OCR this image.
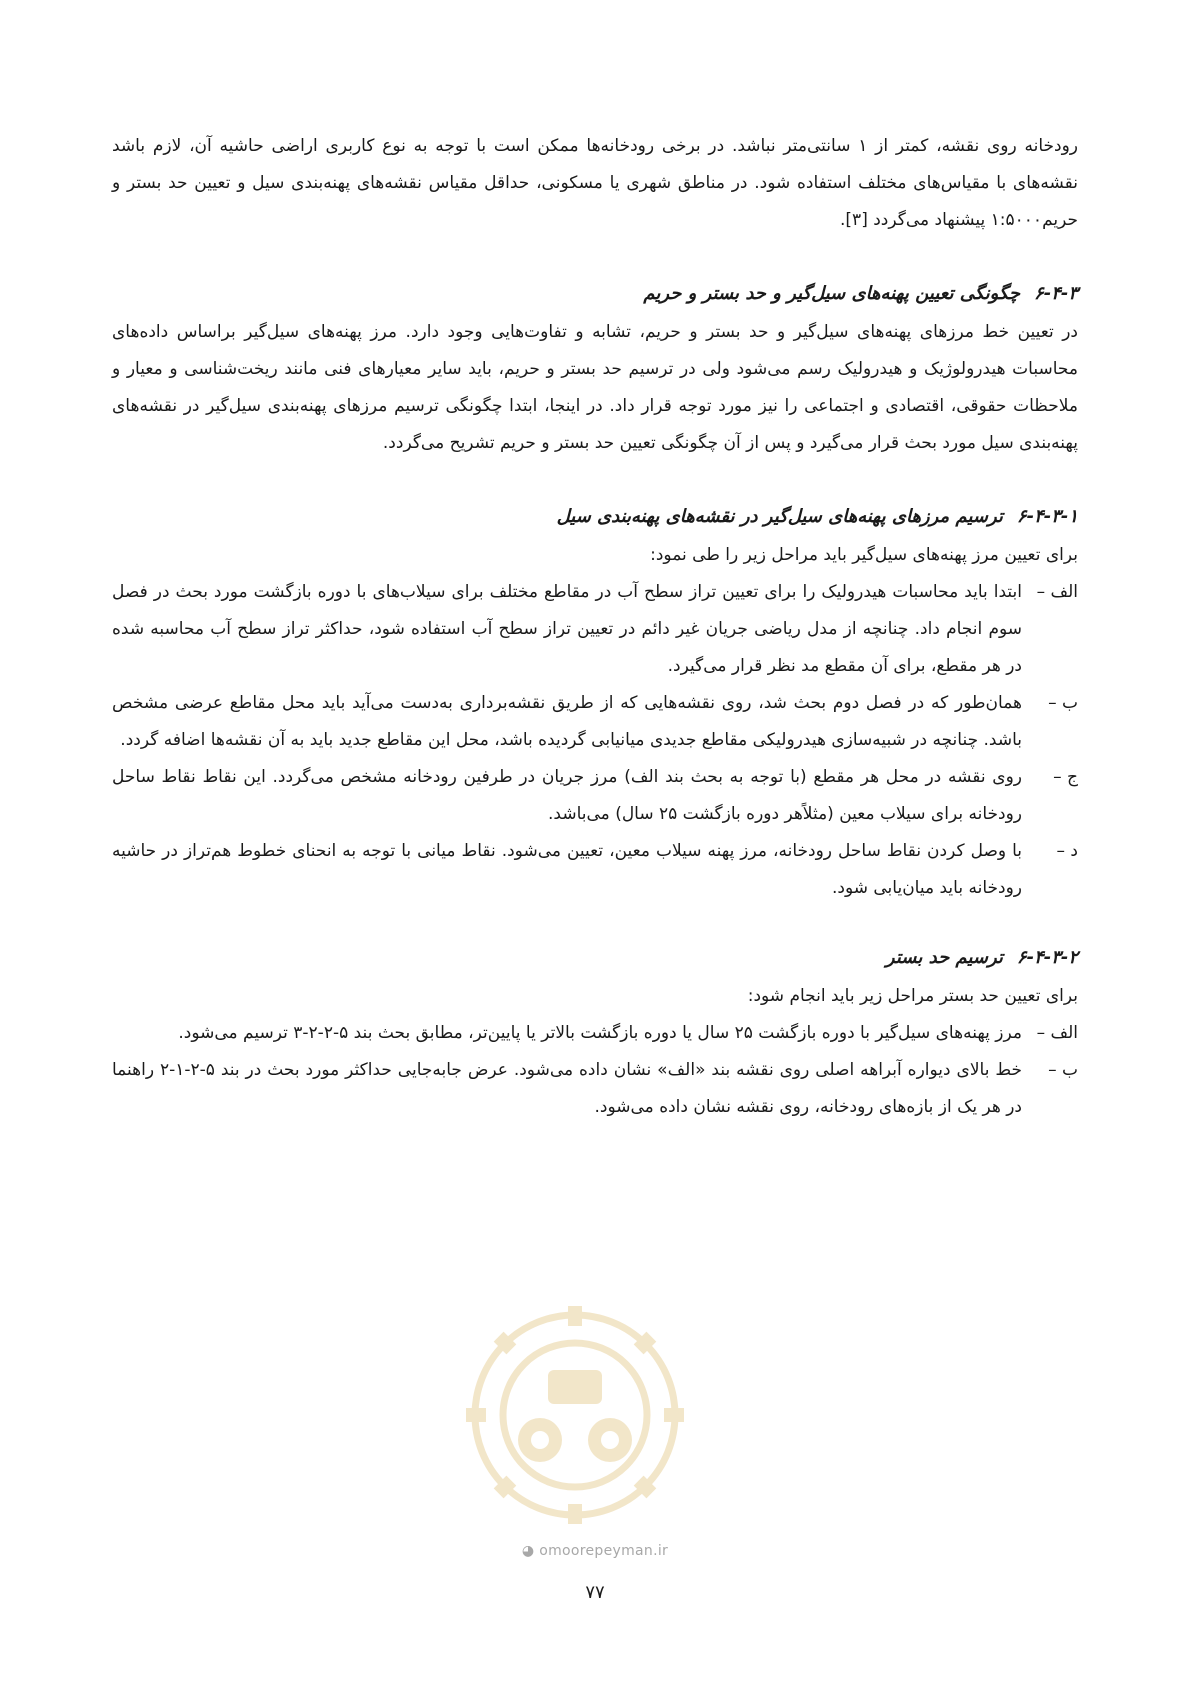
رودخانه روی نقشه، کمتر از ۱ سانتی‌متر نباشد. در برخی رودخانه‌ها ممکن است با توجه به نوع کاربری اراضی حاشیه آن، لازم باشد نقشه‌های با مقیاس‌های مختلف استفاده شود. در مناطق شهری یا مسکونی، حداقل مقیاس نقشه‌های پهنه‌بندی سیل و تعیین حد بستر و حریم۱:۵۰۰۰ پیشنهاد می‌گردد [۳].

۶-۴-۳چگونگی تعیین پهنه‌های سیل‌گیر و حد بستر و حریم

در تعیین خط مرزهای پهنه‌های سیل‌گیر و حد بستر و حریم، تشابه و تفاوت‌هایی وجود دارد. مرز پهنه‌های سیل‌گیر براساس داده‌های محاسبات هیدرولوژیک و هیدرولیک رسم می‌شود ولی در ترسیم حد بستر و حریم، باید سایر معیارهای فنی مانند ریخت‌شناسی و معیار و ملاحظات حقوقی، اقتصادی و اجتماعی را نیز مورد توجه قرار داد. در اینجا، ابتدا چگونگی ترسیم مرزهای پهنه‌بندی سیل‌گیر در نقشه‌های پهنه‌بندی سیل مورد بحث قرار می‌گیرد و پس از آن چگونگی تعیین حد بستر و حریم تشریح می‌گردد.

۶-۴-۳-۱ترسیم مرزهای پهنه‌های سیل‌گیر در نقشه‌های پهنه‌بندی سیل

برای تعیین مرز پهنه‌های سیل‌گیر باید مراحل زیر را طی نمود:

الف –
ابتدا باید محاسبات هیدرولیک را برای تعیین تراز سطح آب در مقاطع مختلف برای سیلاب‌های با دوره بازگشت مورد بحث در فصل سوم انجام داد. چنانچه از مدل ریاضی جریان غیر دائم در تعیین تراز سطح آب استفاده شود، حداکثر تراز سطح آب محاسبه شده در هر مقطع، برای آن مقطع مد نظر قرار می‌گیرد.
ب –
همان‌طور که در فصل دوم بحث شد، روی نقشه‌هایی که از طریق نقشه‌برداری به‌دست می‌آید باید محل مقاطع عرضی مشخص باشد. چنانچه در شبیه‌سازی هیدرولیکی مقاطع جدیدی میانیابی گردیده باشد، محل این مقاطع جدید باید به آن نقشه‌ها اضافه گردد.
ج –
روی نقشه در محل هر مقطع (با توجه به بحث بند الف) مرز جریان در طرفین رودخانه مشخص می‌گردد. این نقاط نقاط ساحل رودخانه برای سیلاب معین (مثلاًهر دوره بازگشت ۲۵ سال) می‌باشد.
د –
با وصل کردن نقاط ساحل رودخانه، مرز پهنه سیلاب معین، تعیین می‌شود. نقاط میانی با توجه به انحنای خطوط هم‌تراز در حاشیه رودخانه باید میان‌یابی شود.
۶-۴-۳-۲ترسیم حد بستر

برای تعیین حد بستر مراحل زیر باید انجام شود:

الف –
مرز پهنه‌های سیل‌گیر با دوره بازگشت ۲۵ سال یا دوره بازگشت بالاتر یا پایین‌تر، مطابق بحث بند ۵-۲-۲-۳ ترسیم می‌شود.
ب –
خط بالای دیواره آبراهه اصلی روی نقشه بند «الف» نشان داده می‌شود. عرض جابه‌جایی حداکثر مورد بحث در بند ۵-۲-۱-۲ راهنما در هر یک از بازه‌های رودخانه، روی نقشه نشان داده می‌شود.
◕ omoorepeyman.ir
۷۷
